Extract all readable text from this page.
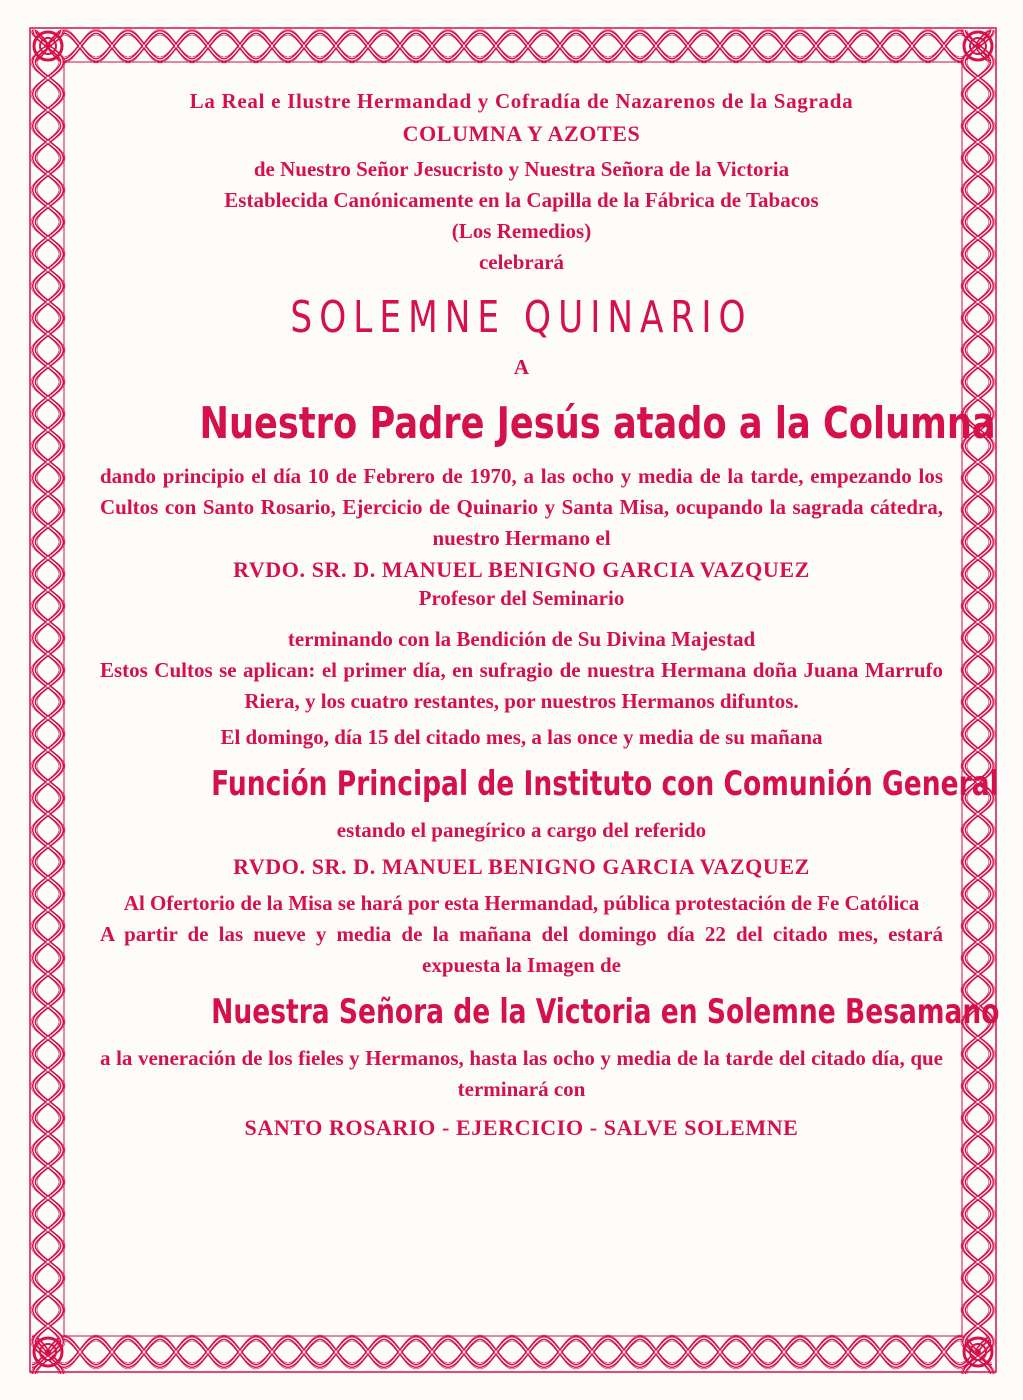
La Real e Ilustre Hermandad y Cofradía de Nazarenos de la Sagrada

COLUMNA Y AZOTES

de Nuestro Señor Jesucristo y Nuestra Señora de la Victoria

Establecida Canónicamente en la Capilla de la Fábrica de Tabacos

(Los Remedios)

celebrará

SOLEMNE QUINARIO

A

Nuestro Padre Jesús atado a la Columna

dando principio el día 10 de Febrero de 1970, a las ocho y media de la tarde, empezando los Cultos con Santo Rosario, Ejercicio de Quinario y Santa Misa, ocupando la sagrada cátedra, nuestro Hermano el

RVDO. SR. D. MANUEL BENIGNO GARCIA VAZQUEZ

Profesor del Seminario

terminando con la Bendición de Su Divina Majestad

Estos Cultos se aplican: el primer día, en sufragio de nuestra Hermana doña Juana Marrufo Riera, y los cuatro restantes, por nuestros Hermanos difuntos.

El domingo, día 15 del citado mes, a las once y media de su mañana

Función Principal de Instituto con Comunión General

estando el panegírico a cargo del referido

RVDO. SR. D. MANUEL BENIGNO GARCIA VAZQUEZ

Al Ofertorio de la Misa se hará por esta Hermandad, pública protestación de Fe Católica

A partir de las nueve y media de la mañana del domingo día 22 del citado mes, estará expuesta la Imagen de

Nuestra Señora de la Victoria en Solemne Besamano

a la veneración de los fieles y Hermanos, hasta las ocho y media de la tarde del citado día, que terminará con

SANTO ROSARIO - EJERCICIO - SALVE SOLEMNE
